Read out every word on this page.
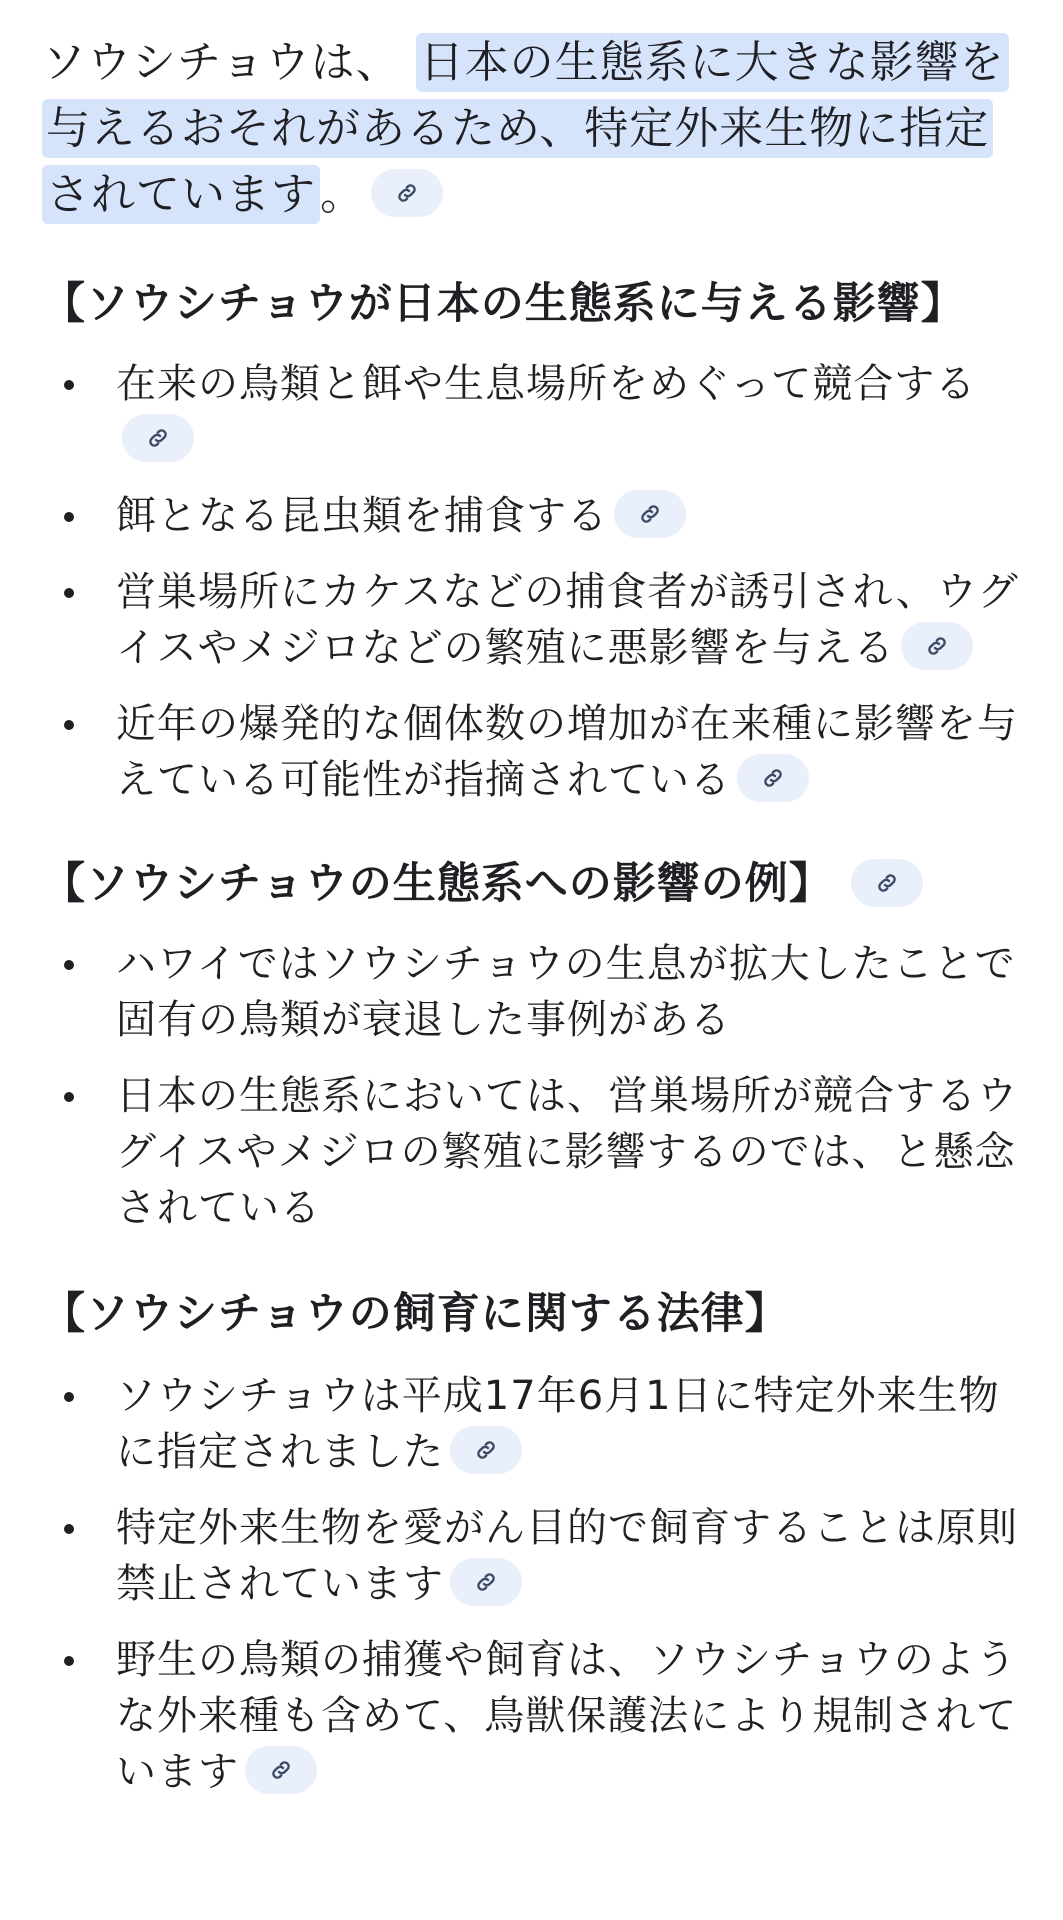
ソウシチョウは、 日本の生態系に大きな影響を与えるおそれがあるため、特定外来生物に指定されています。

【ソウシチョウが日本の生態系に与える影響】
在来の鳥類と餌や生息場所をめぐって競合する
餌となる昆虫類を捕食する
営巣場所にカケスなどの捕食者が誘引され、ウグイスやメジロなどの繁殖に悪影響を与える
近年の爆発的な個体数の増加が在来種に影響を与えている可能性が指摘されている
【ソウシチョウの生態系への影響の例】
ハワイではソウシチョウの生息が拡大したことで固有の鳥類が衰退した事例がある
日本の生態系においては、営巣場所が競合するウグイスやメジロの繁殖に影響するのでは、と懸念されている
【ソウシチョウの飼育に関する法律】
ソウシチョウは平成17年6月1日に特定外来生物に指定されました
特定外来生物を愛がん目的で飼育することは原則禁止されています
野生の鳥類の捕獲や飼育は、ソウシチョウのような外来種も含めて、鳥獣保護法により規制されています
